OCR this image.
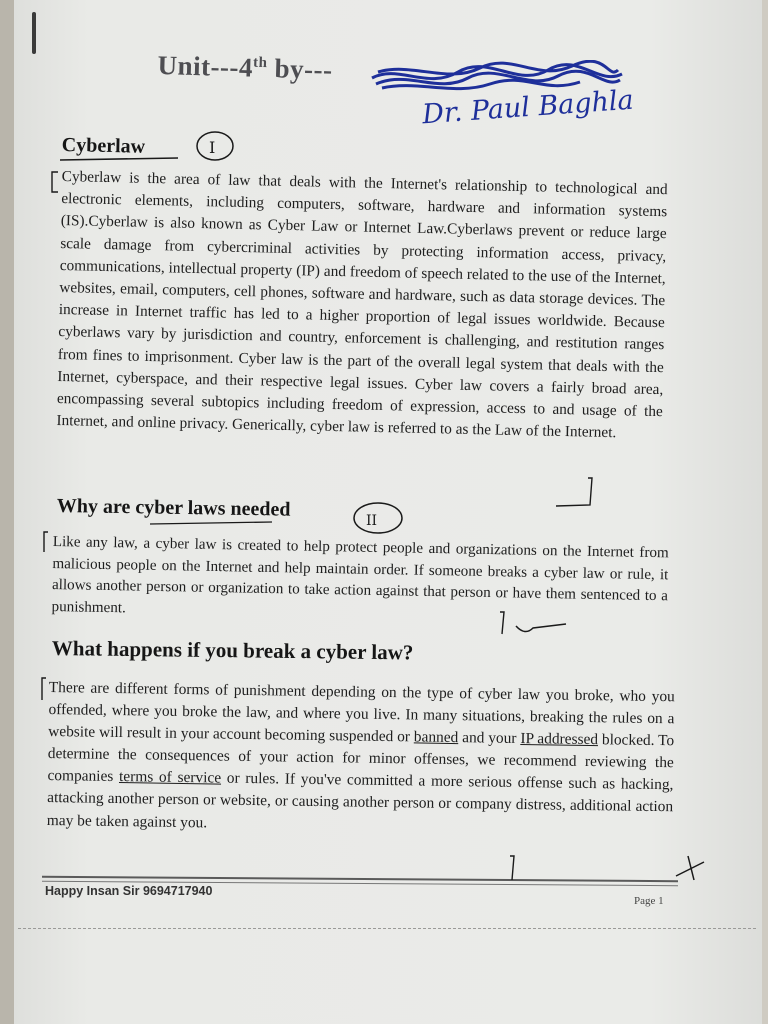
Unit---4th by---
Dr. Paul Baghla
Cyberlaw
Cyberlaw is the area of law that deals with the Internet's relationship to technological and electronic elements, including computers, software, hardware and information systems (IS).Cyberlaw is also known as Cyber Law or Internet Law.Cyberlaws prevent or reduce large scale damage from cybercriminal activities by protecting information access, privacy, communications, intellectual property (IP) and freedom of speech related to the use of the Internet, websites, email, computers, cell phones, software and hardware, such as data storage devices. The increase in Internet traffic has led to a higher proportion of legal issues worldwide. Because cyberlaws vary by jurisdiction and country, enforcement is challenging, and restitution ranges from fines to imprisonment. Cyber law is the part of the overall legal system that deals with the Internet, cyberspace, and their respective legal issues. Cyber law covers a fairly broad area, encompassing several subtopics including freedom of expression, access to and usage of the Internet, and online privacy. Generically, cyber law is referred to as the Law of the Internet.
Why are cyber laws needed
Like any law, a cyber law is created to help protect people and organizations on the Internet from malicious people on the Internet and help maintain order. If someone breaks a cyber law or rule, it allows another person or organization to take action against that person or have them sentenced to a punishment.
What happens if you break a cyber law?
There are different forms of punishment depending on the type of cyber law you broke, who you offended, where you broke the law, and where you live. In many situations, breaking the rules on a website will result in your account becoming suspended or banned and your IP addressed blocked. To determine the consequences of your action for minor offenses, we recommend reviewing the companies terms of service or rules. If you've committed a more serious offense such as hacking, attacking another person or website, or causing another person or company distress, additional action may be taken against you.
Happy Insan Sir 9694717940
Page 1
I
II
